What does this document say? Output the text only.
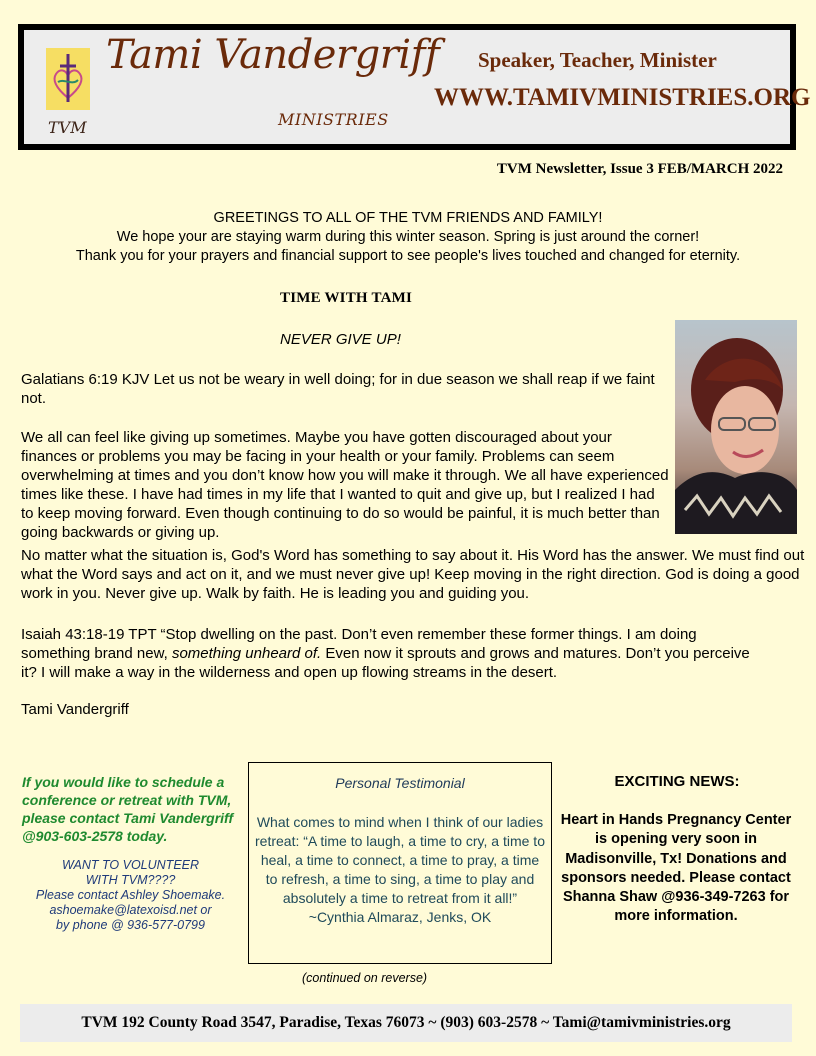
TVM
Tami Vandergriff
MINISTRIES
Speaker, Teacher, Minister
WWW.TAMIVMINISTRIES.ORG
TVM Newsletter, Issue 3 FEB/MARCH 2022
GREETINGS TO ALL OF THE TVM FRIENDS AND FAMILY!
We hope your are staying warm during this winter season. Spring is just around the corner!
Thank you for your prayers and financial support to see people's lives touched and changed for eternity.
TIME WITH TAMI
NEVER GIVE UP!
Galatians 6:19 KJV Let us not be weary in well doing; for in due season we shall reap if we faint not.
We all can feel like giving up sometimes. Maybe you have gotten discouraged about your finances or problems you may be facing in your health or your family. Problems can seem overwhelming at times and you don’t know how you will make it through. We all have experienced times like these. I have had times in my life that I wanted to quit and give up, but I realized I had to keep moving forward. Even though continuing to do so would be painful, it is much better than going backwards or giving up.
No matter what the situation is, God's Word has something to say about it. His Word has the answer. We must find out what the Word says and act on it, and we must never give up! Keep moving in the right direction. God is doing a good work in you. Never give up. Walk by faith. He is leading you and guiding you.
Isaiah 43:18-19 TPT “Stop dwelling on the past. Don’t even remember these former things. I am doing something brand new, something unheard of. Even now it sprouts and grows and matures. Don’t you perceive it? I will make a way in the wilderness and open up flowing streams in the desert.
Tami Vandergriff
If you would like to schedule a conference or retreat with TVM, please contact Tami Vandergriff @903-603-2578 today.
WANT TO VOLUNTEER
WITH TVM????
Please contact Ashley Shoemake.
ashoemake@latexoisd.net or
by phone @ 936-577-0799
Personal Testimonial
What comes to mind when I think of our ladies retreat: “A time to laugh, a time to cry, a time to heal, a time to connect, a time to pray, a time to refresh, a time to sing, a time to play and absolutely a time to retreat from it all!”
~Cynthia Almaraz, Jenks, OK
EXCITING NEWS:
Heart in Hands Pregnancy Center is opening very soon in Madisonville, Tx! Donations and sponsors needed. Please contact Shanna Shaw @936-349-7263 for more information.
(continued on reverse)
TVM 192 County Road 3547, Paradise, Texas 76073 ~ (903) 603-2578 ~ Tami@tamivministries.org
